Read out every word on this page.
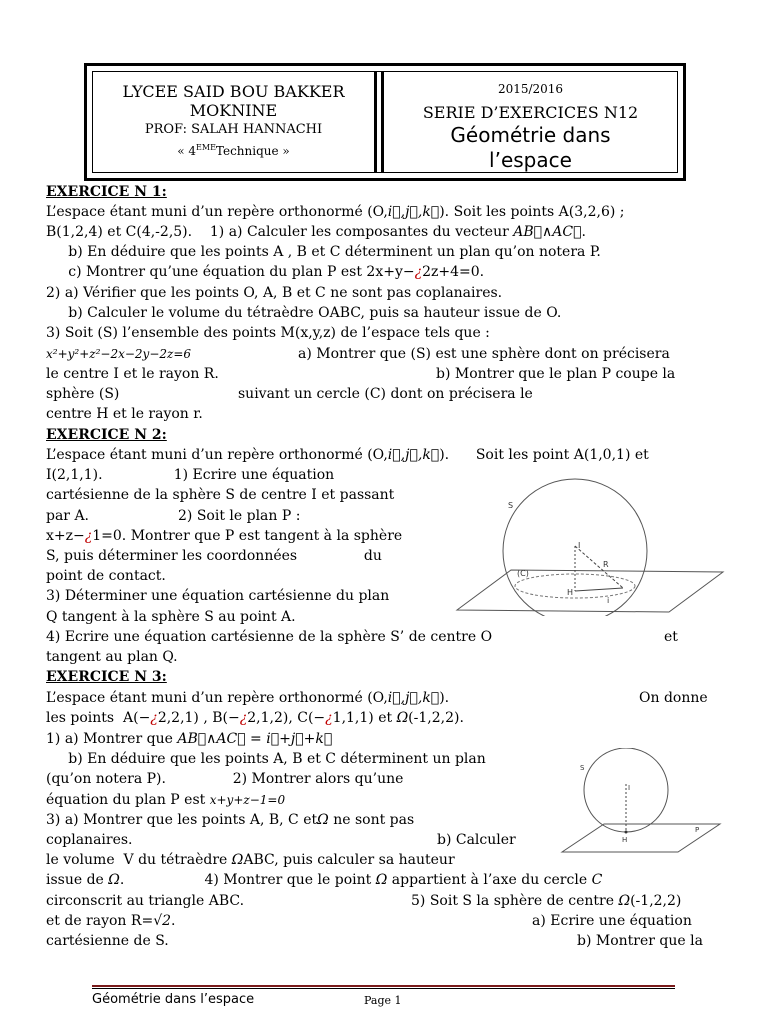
LYCEE SAID BOU BAKKER
MOKNINE
PROF: SALAH HANNACHI
« 4EMETechnique »
2015/2016
SERIE D’EXERCICES N12
Géométrie dans
l’espace
EXERCICE N 1:
L’espace étant muni d’un repère orthonormé (O,i⃗,j⃗,k⃗). Soit les points A(3,2,6) ;
B(1,2,4) et C(4,-2,5).    1) a) Calculer les composantes du vecteur AB⃗∧AC⃗.
b) En déduire que les points A , B et C déterminent un plan qu’on notera P.
c) Montrer qu’une équation du plan P est 2x+y−¿2z+4=0.
2) a) Vérifier que les points O, A, B et C ne sont pas coplanaires.
b) Calculer le volume du tétraèdre OABC, puis sa hauteur issue de O.
3) Soit (S) l’ensemble des points M(x,y,z) de l’espace tels que :
x²+y²+z²−2x−2y−2z=6	a) Montrer que (S) est une sphère dont on précisera
le centre I et le rayon R.	b) Montrer que le plan P coupe la
sphère (S)	suivant un cercle (C) dont on précisera le
centre H et le rayon r.
EXERCICE N 2:
L’espace étant muni d’un repère orthonormé (O,i⃗,j⃗,k⃗).      Soit les point A(1,0,1) et
I(2,1,1).                1) Ecrire une équation
cartésienne de la sphère S de centre I et passant
par A.                    2) Soit le plan P :
x+z−¿1=0. Montrer que P est tangent à la sphère
S, puis déterminer les coordonnées               du
point de contact.
3) Déterminer une équation cartésienne du plan
Q tangent à la sphère S au point A.
4) Ecrire une équation cartésienne de la sphère S’ de centre O	et
tangent au plan Q.
S
I
R
H
(C)
i
EXERCICE N 3:
L’espace étant muni d’un repère orthonormé (O,i⃗,j⃗,k⃗).	On donne
les points  A(−¿2,2,1) , B(−¿2,1,2), C(−¿1,1,1) et Ω(-1,2,2).
1) a) Montrer que AB⃗∧AC⃗ = i⃗+j⃗+k⃗
b) En déduire que les points A, B et C déterminent un plan
(qu’on notera P).               2) Montrer alors qu’une
équation du plan P est x+y+z−1=0
3) a) Montrer que les points A, B, C etΩ ne sont pas
coplanaires.	b) Calculer
le volume  V du tétraèdre ΩABC, puis calculer sa hauteur
issue de Ω.                  4) Montrer que le point Ω appartient à l’axe du cercle C
circonscrit au triangle ABC.	5) Soit S la sphère de centre Ω(-1,2,2)
et de rayon R=√2.	a) Ecrire une équation
cartésienne de S.	b) Montrer que la
S
I
H
P
Géométrie dans l’espace	Page 1
